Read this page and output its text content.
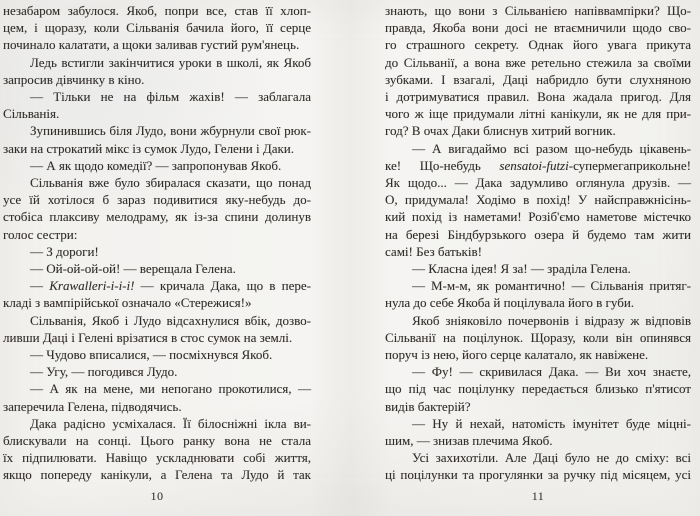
незабаром забулося. Якоб, попри все, став її хлоп-
цем, і щоразу, коли Сільванія бачила його, її серце
починало калатати, а щоки заливав густий рум'янець.
Ледь встигли закінчитися уроки в школі, як Якоб
запросив дівчинку в кіно.
— Тільки не на фільм жахів! — заблагала
Сільванія.
Зупинившись біля Лудо, вони жбурнули свої рюк-
заки на строкатий мікс із сумок Лудо, Гелени і Даки.
— А як щодо комедії? — запропонував Якоб.
Сільванія вже було збиралася сказати, що понад
усе їй хотілося б зараз подивитися яку-небудь до-
стобіса плаксиву мелодраму, як із-за спини долинув
голос сестри:
— З дороги!
— Ой-ой-ой-ой! — верещала Гелена.
— Krawalleri-i-i-i! — кричала Дака, що в пере-
кладі з вампірійської означало «Стережися!»
Сільванія, Якоб і Лудо відсахнулися вбік, дозво-
ливши Даці і Гелені врізатися в стос сумок на землі.
— Чудово вписалися, — посміхнувся Якоб.
— Угу, — погодився Лудо.
— А як на мене, ми непогано прокотилися, —
заперечила Гелена, підводячись.
Дака радісно усміхалася. Її білосніжні ікла ви-
блискували на сонці. Цього ранку вона не стала
їх підпилювати. Навіщо ускладнювати собі життя,
якщо попереду канікули, а Гелена та Лудо й так
10
знають, що вони з Сільванією напіввампірки? Що-
правда, Якоба вони досі не втаємничили щодо сво-
го страшного секрету. Однак його увага прикута
до Сільванії, а вона вже ретельно стежила за своїми
зубками. І взагалі, Даці набридло бути слухняною
і дотримуватися правил. Вона жадала пригод. Для
чого ж іще придумали літні канікули, як не для при-
год? В очах Даки блиснув хитрий вогник.
— А вигадаймо всі разом що-небудь цікавень-
ке! Що-небудь sensatoi-futzi-супермегаприкольне!
Як щодо... — Дака задумливо оглянула друзів. —
О, придумала! Ходімо в похід! У найсправжнісінь-
кий похід із наметами! Розіб'ємо наметове містечко
на березі Біндбурзького озера й будемо там жити
самі! Без батьків!
— Класна ідея! Я за! — зраділа Гелена.
— М-м-м, як романтично! — Сільванія притяг-
нула до себе Якоба й поцілувала його в губи.
Якоб зніяковіло почервонів і відразу ж відповів
Сільванії на поцілунок. Щоразу, коли він опинявся
поруч із нею, його серце калатало, як навіжене.
— Фу! — скривилася Дака. — Ви хоч знаєте,
що під час поцілунку передається близько п'ятисот
видів бактерій?
— Ну й нехай, натомість імунітет буде міцні-
шим, — знизав плечима Якоб.
Усі захихотіли. Але Даці було не до сміху: всі
ці поцілунки та прогулянки за ручку під місяцем, усі
11
